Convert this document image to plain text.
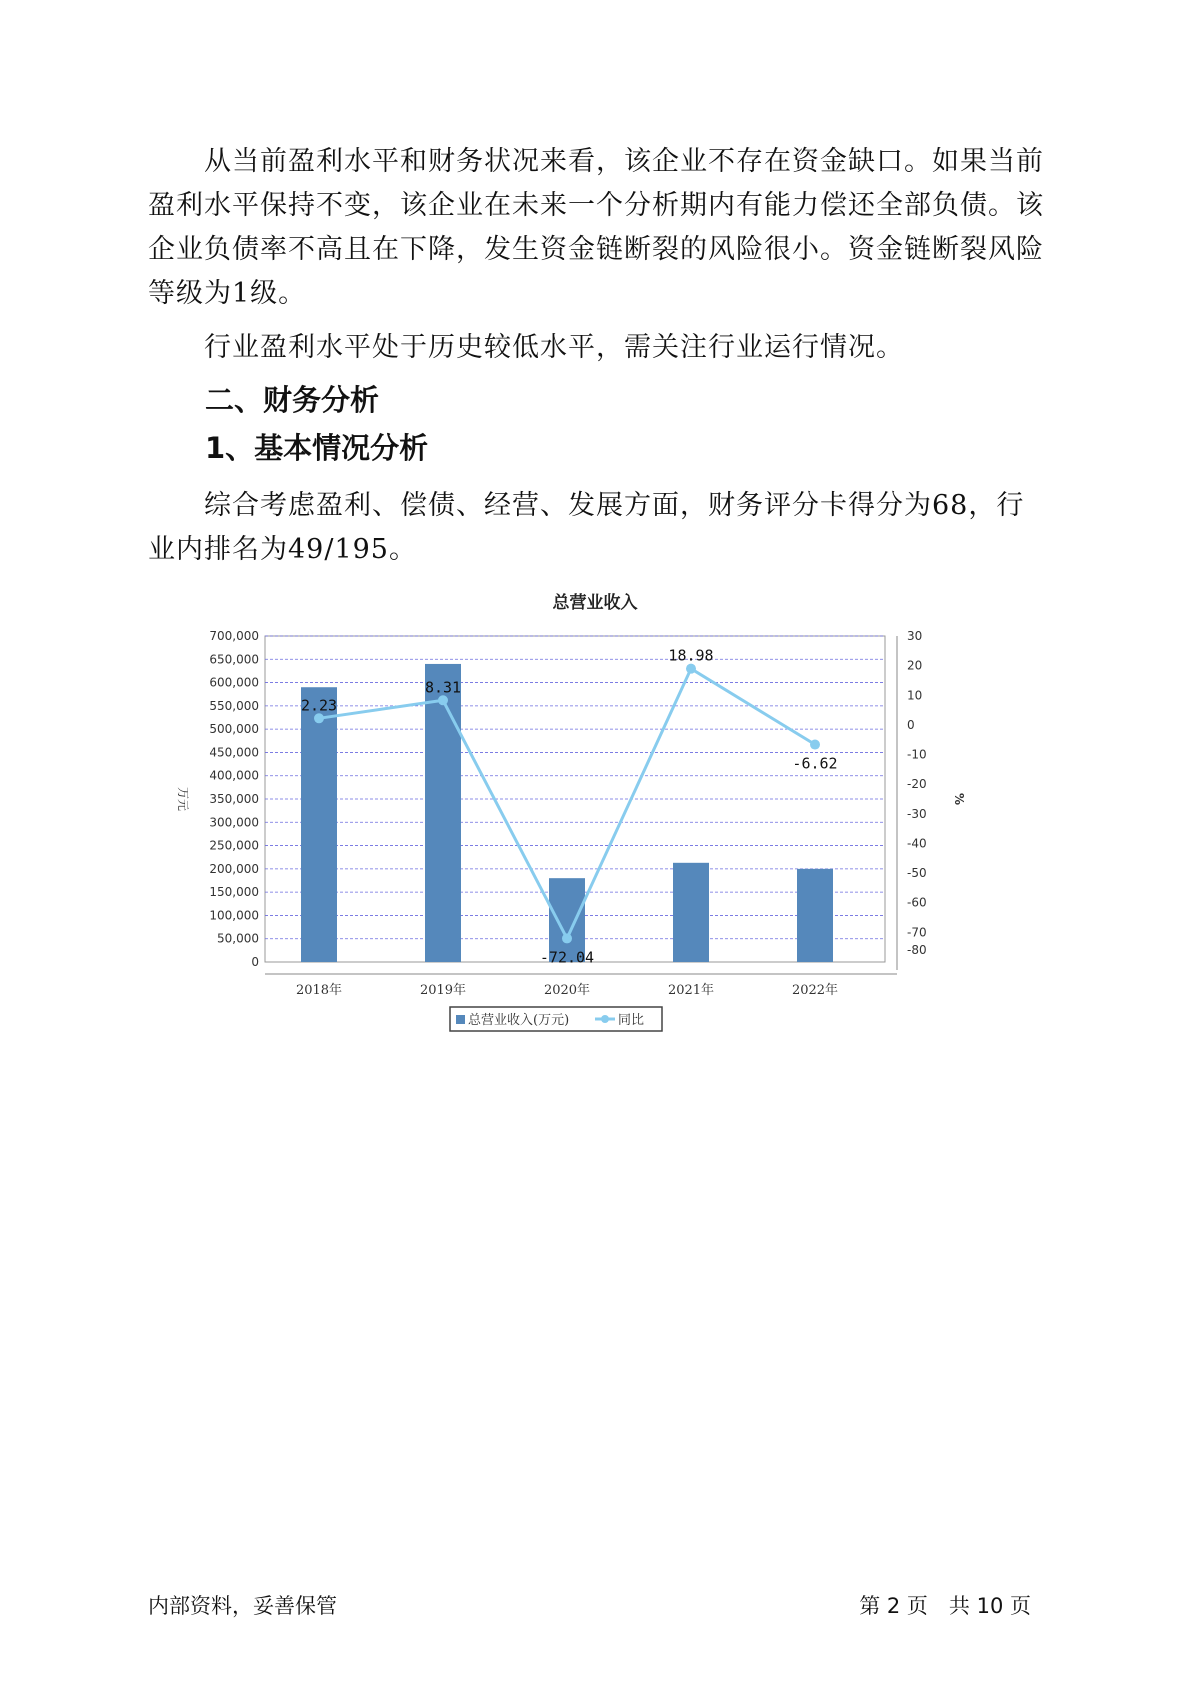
从当前盈利水平和财务状况来看，该企业不存在资金缺口。如果当前盈利水平保持不变，该企业在未来一个分析期内有能力偿还全部负债。该企业负债率不高且在下降，发生资金链断裂的风险很小。资金链断裂风险等级为1级。

行业盈利水平处于历史较低水平，需关注行业运行情况。

二、财务分析
1、基本情况分析

综合考虑盈利、偿债、经营、发展方面，财务评分卡得分为68，行业内排名为49/195。

总营业收入
0
50,000
100,000
150,000
200,000
250,000
300,000
350,000
400,000
450,000
500,000
550,000
600,000
650,000
700,000
-80
-70
-60
-50
-40
-30
-20
-10
0
10
20
30
万元	%
2018年	2019年	2020年	2021年	2022年
2.23
8.31
-72.04
18.98
-6.62
总营业收入(万元)	同比
内部资料，妥善保管	第 2 页　共 10 页
